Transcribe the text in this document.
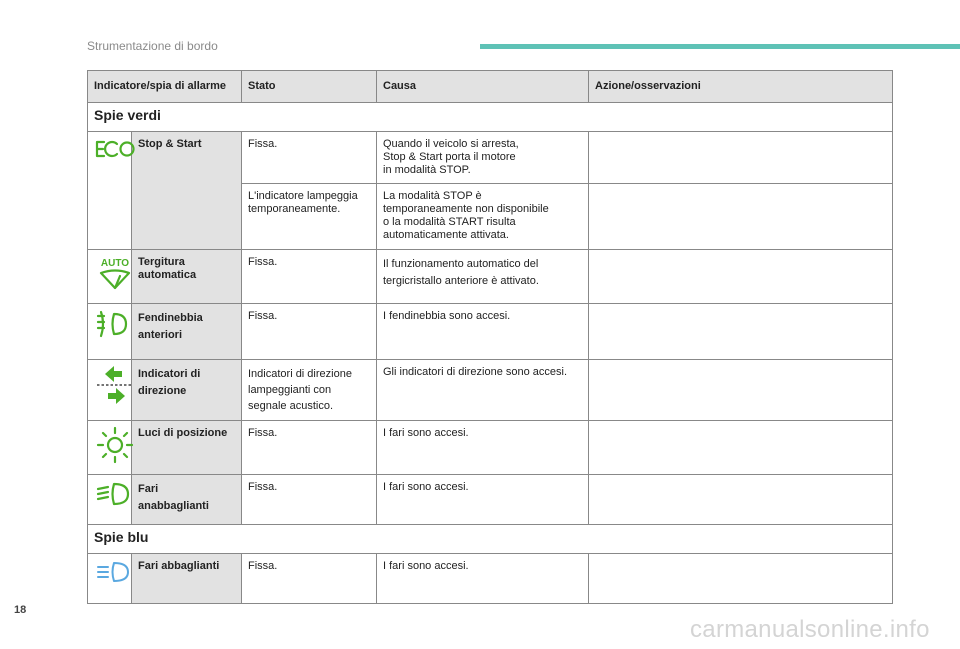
Strumentazione di bordo
Indicatore/spia di allarme		Stato	Causa	Azione/osservazioni
Spie verdi				
	Stop & Start	Fissa.	Quando il veicolo si arresta,
Stop & Start porta il motore
in modalità STOP.	
		L'indicatore lampeggia
temporaneamente.	La modalità STOP è
temporaneamente non disponibile
o la modalità START risulta
automaticamente attivata.	

AUTO	Tergitura
automatica	Fissa.	Il funzionamento automatico del
tergicristallo anteriore è attivato.	
	Fendinebbia
anteriori	Fissa.	I fendinebbia sono accesi.	
	Indicatori di
direzione	Indicatori di direzione
lampeggianti con
segnale acustico.	Gli indicatori di direzione sono accesi.	
	Luci di posizione	Fissa.	I fari sono accesi.	
	Fari
anabbaglianti	Fissa.	I fari sono accesi.	
Spie blu				
	Fari abbaglianti	Fissa.	I fari sono accesi.	
18
carmanualsonline.info
